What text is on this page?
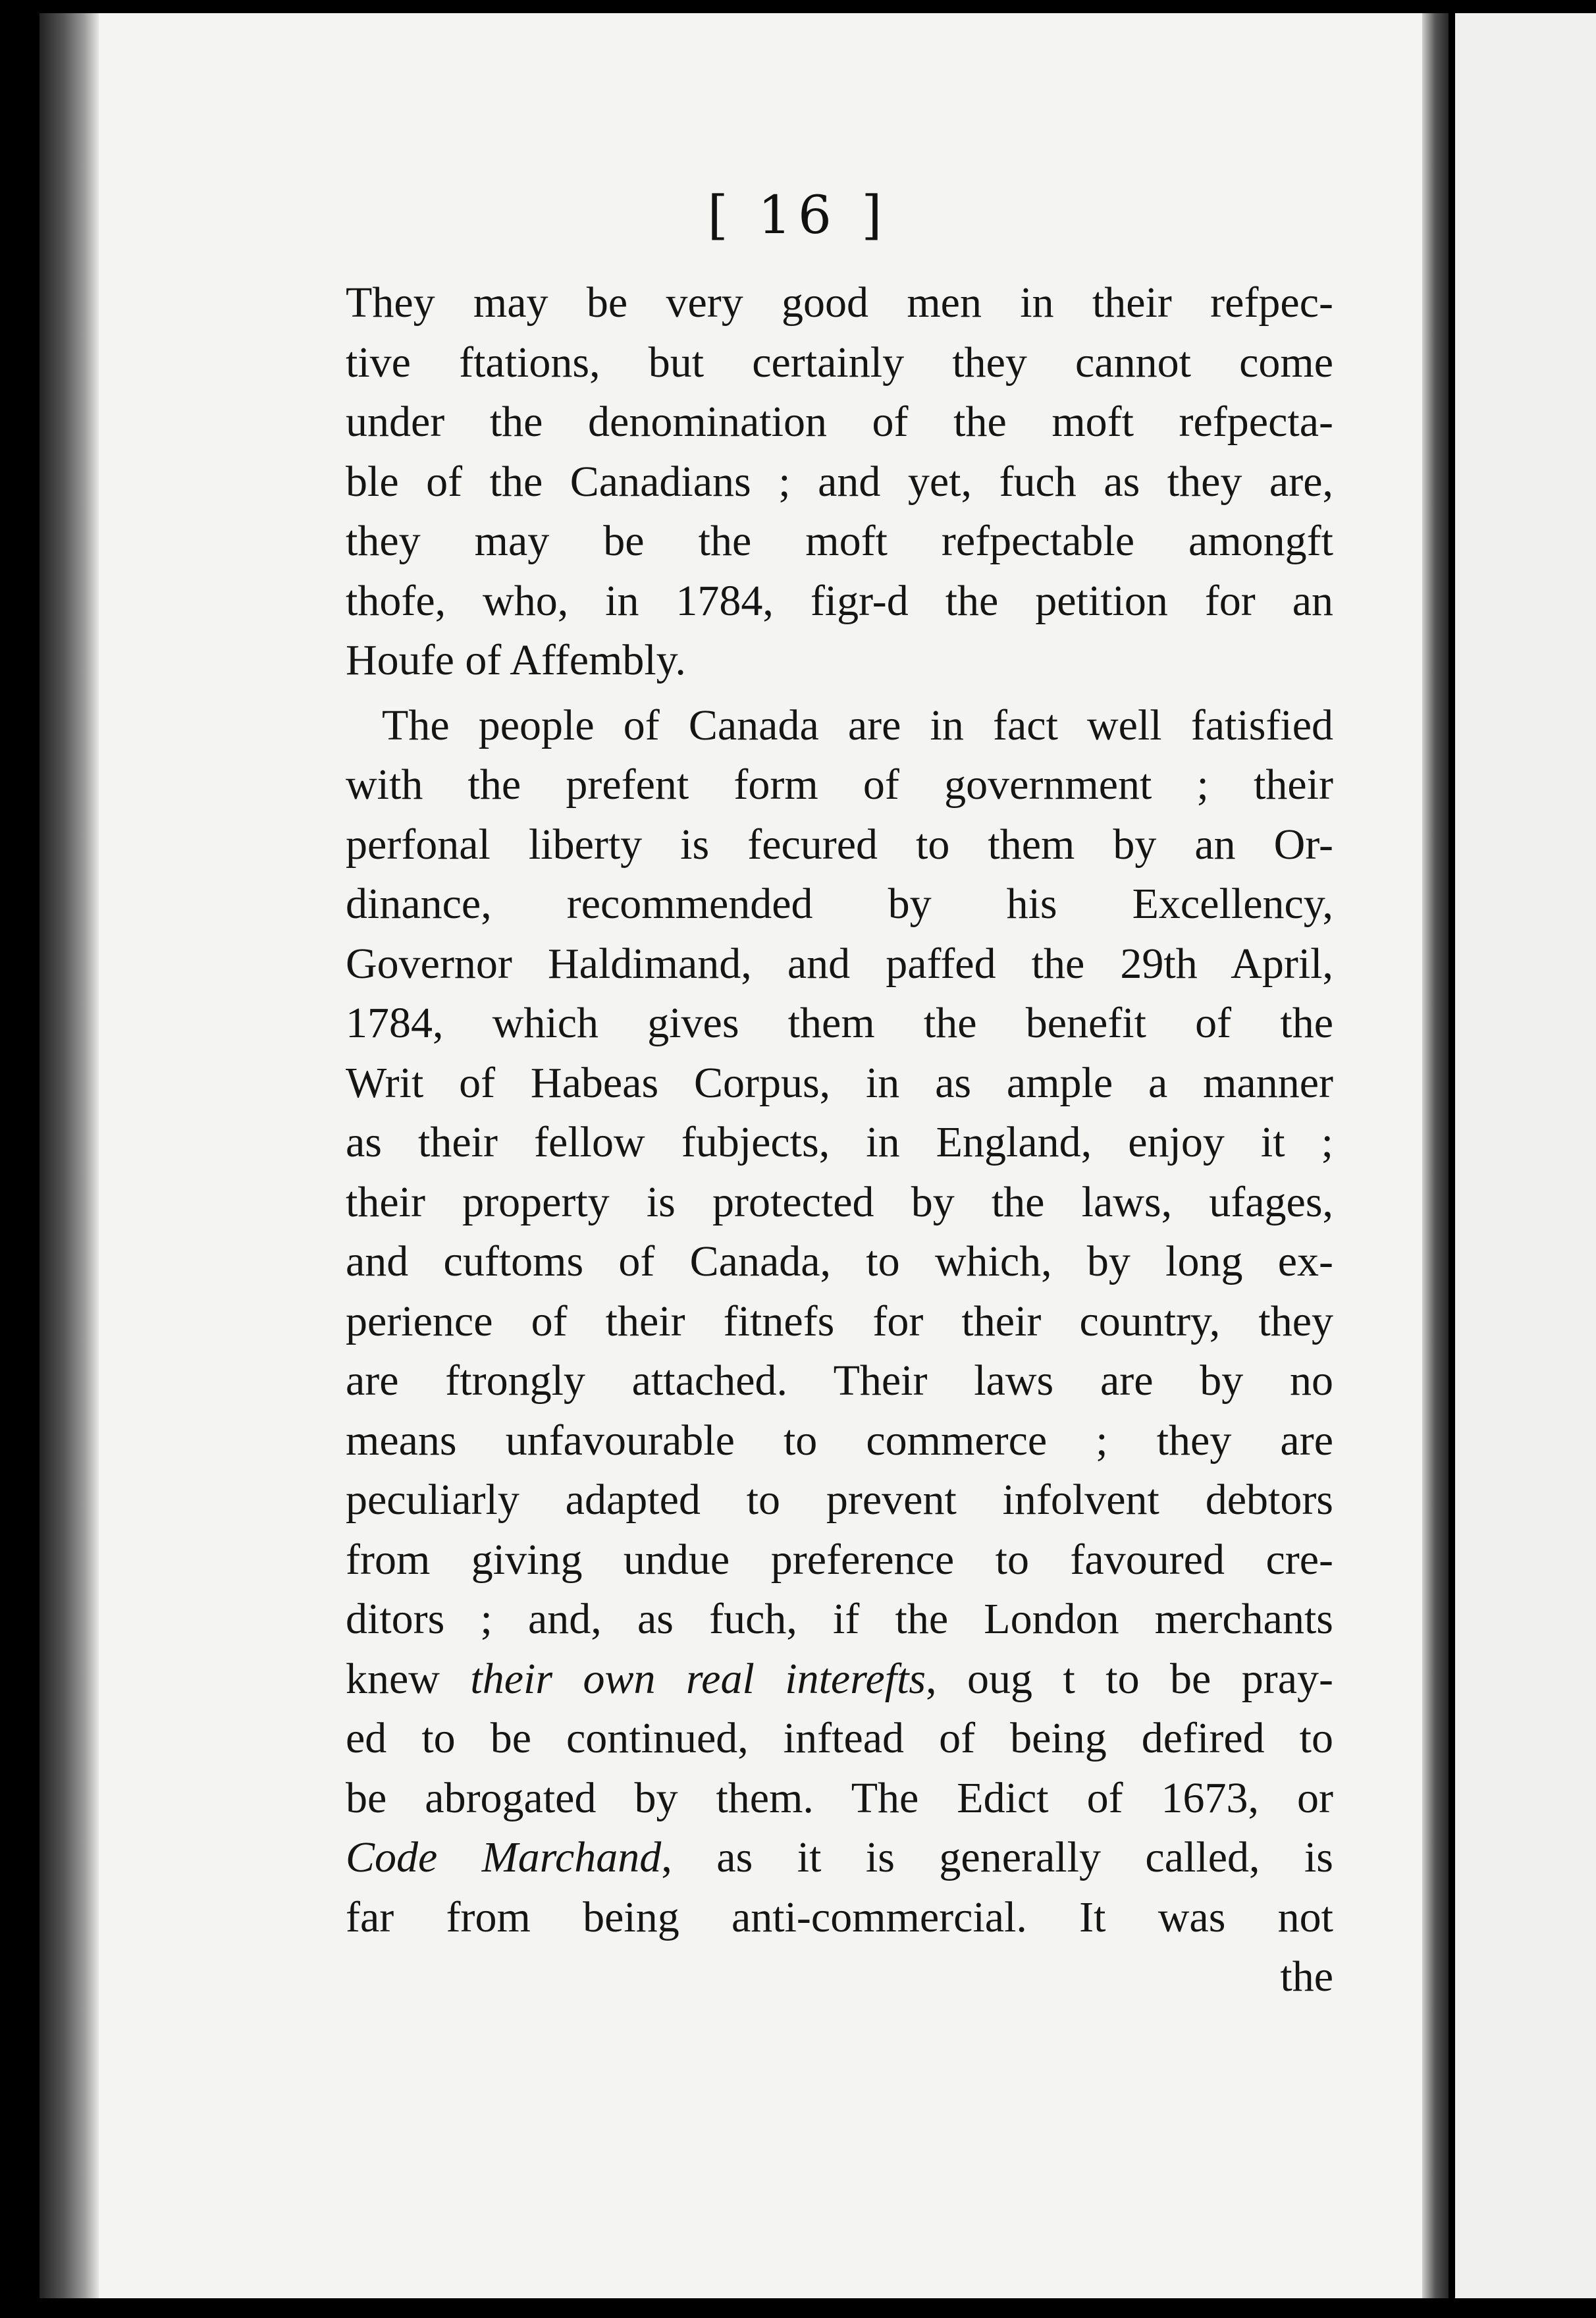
[ 16 ]
They may be very good men in their refpec-
tive ftations, but certainly they cannot come
under the denomination of the moft refpecta-
ble of the Canadians ; and yet, fuch as they are,
they may be the moft refpectable amongft
thofe, who, in 1784, figr-d the petition for an
Houfe of Affembly.
The people of Canada are in fact well fatisfied
with the prefent form of government ; their
perfonal liberty is fecured to them by an Or-
dinance, recommended by his Excellency,
Governor Haldimand, and paffed the 29th April,
1784, which gives them the benefit of the
Writ of Habeas Corpus, in as ample a manner
as their fellow fubjects, in England, enjoy it ;
their property is protected by the laws, ufages,
and cuftoms of Canada, to which, by long ex-
perience of their fitnefs for their country, they
are ftrongly attached. Their laws are by no
means unfavourable to commerce ; they are
peculiarly adapted to prevent infolvent debtors
from giving undue preference to favoured cre-
ditors ; and, as fuch, if the London merchants
knew their own real interefts, oug t to be pray-
ed to be continued, inftead of being defired to
be abrogated by them. The Edict of 1673, or
Code Marchand, as it is generally called, is
far from being anti-commercial. It was not
the
